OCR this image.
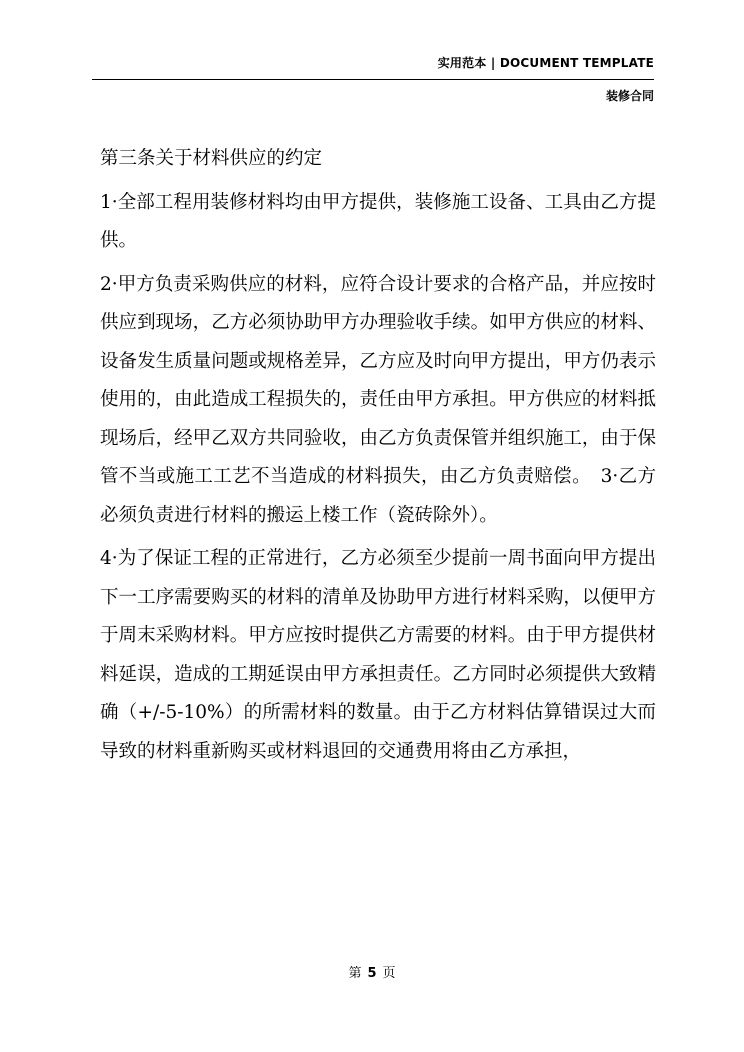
实用范本 | DOCUMENT TEMPLATE
装修合同

第三条关于材料供应的约定

1·全部工程用装修材料均由甲方提供，装修施工设备、工具由乙方提供。

2·甲方负责采购供应的材料，应符合设计要求的合格产品，并应按时供应到现场，乙方必须协助甲方办理验收手续。如甲方供应的材料、设备发生质量问题或规格差异，乙方应及时向甲方提出，甲方仍表示使用的，由此造成工程损失的，责任由甲方承担。甲方供应的材料抵现场后，经甲乙双方共同验收，由乙方负责保管并组织施工，由于保管不当或施工工艺不当造成的材料损失，由乙方负责赔偿。　3·乙方必须负责进行材料的搬运上楼工作（瓷砖除外）。

4·为了保证工程的正常进行，乙方必须至少提前一周书面向甲方提出下一工序需要购买的材料的清单及协助甲方进行材料采购，以便甲方于周末采购材料。甲方应按时提供乙方需要的材料。由于甲方提供材料延误，造成的工期延误由甲方承担责任。乙方同时必须提供大致精确（+/-5-10%）的所需材料的数量。由于乙方材料估算错误过大而导致的材料重新购买或材料退回的交通费用将由乙方承担，

第 5 页
